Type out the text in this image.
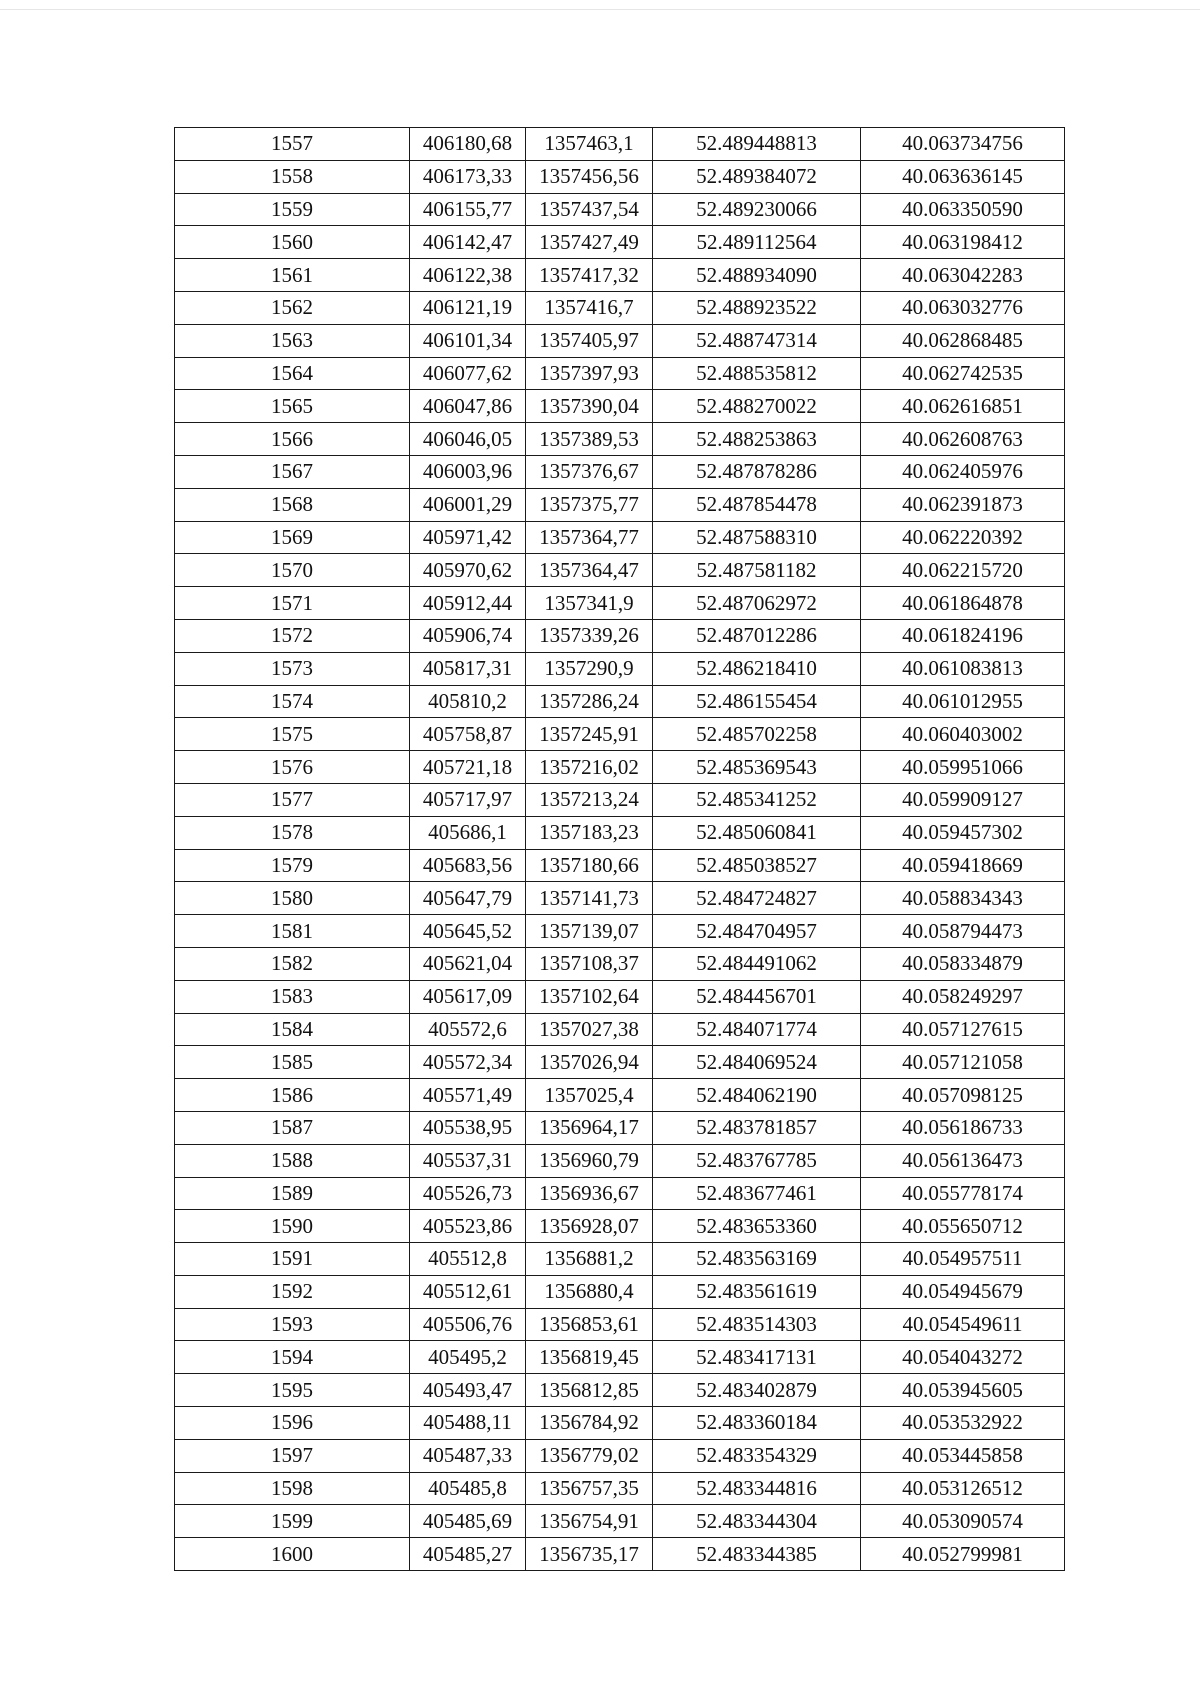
1557	406180,68	1357463,1	52.489448813	40.063734756
1558	406173,33	1357456,56	52.489384072	40.063636145
1559	406155,77	1357437,54	52.489230066	40.063350590
1560	406142,47	1357427,49	52.489112564	40.063198412
1561	406122,38	1357417,32	52.488934090	40.063042283
1562	406121,19	1357416,7	52.488923522	40.063032776
1563	406101,34	1357405,97	52.488747314	40.062868485
1564	406077,62	1357397,93	52.488535812	40.062742535
1565	406047,86	1357390,04	52.488270022	40.062616851
1566	406046,05	1357389,53	52.488253863	40.062608763
1567	406003,96	1357376,67	52.487878286	40.062405976
1568	406001,29	1357375,77	52.487854478	40.062391873
1569	405971,42	1357364,77	52.487588310	40.062220392
1570	405970,62	1357364,47	52.487581182	40.062215720
1571	405912,44	1357341,9	52.487062972	40.061864878
1572	405906,74	1357339,26	52.487012286	40.061824196
1573	405817,31	1357290,9	52.486218410	40.061083813
1574	405810,2	1357286,24	52.486155454	40.061012955
1575	405758,87	1357245,91	52.485702258	40.060403002
1576	405721,18	1357216,02	52.485369543	40.059951066
1577	405717,97	1357213,24	52.485341252	40.059909127
1578	405686,1	1357183,23	52.485060841	40.059457302
1579	405683,56	1357180,66	52.485038527	40.059418669
1580	405647,79	1357141,73	52.484724827	40.058834343
1581	405645,52	1357139,07	52.484704957	40.058794473
1582	405621,04	1357108,37	52.484491062	40.058334879
1583	405617,09	1357102,64	52.484456701	40.058249297
1584	405572,6	1357027,38	52.484071774	40.057127615
1585	405572,34	1357026,94	52.484069524	40.057121058
1586	405571,49	1357025,4	52.484062190	40.057098125
1587	405538,95	1356964,17	52.483781857	40.056186733
1588	405537,31	1356960,79	52.483767785	40.056136473
1589	405526,73	1356936,67	52.483677461	40.055778174
1590	405523,86	1356928,07	52.483653360	40.055650712
1591	405512,8	1356881,2	52.483563169	40.054957511
1592	405512,61	1356880,4	52.483561619	40.054945679
1593	405506,76	1356853,61	52.483514303	40.054549611
1594	405495,2	1356819,45	52.483417131	40.054043272
1595	405493,47	1356812,85	52.483402879	40.053945605
1596	405488,11	1356784,92	52.483360184	40.053532922
1597	405487,33	1356779,02	52.483354329	40.053445858
1598	405485,8	1356757,35	52.483344816	40.053126512
1599	405485,69	1356754,91	52.483344304	40.053090574
1600	405485,27	1356735,17	52.483344385	40.052799981
